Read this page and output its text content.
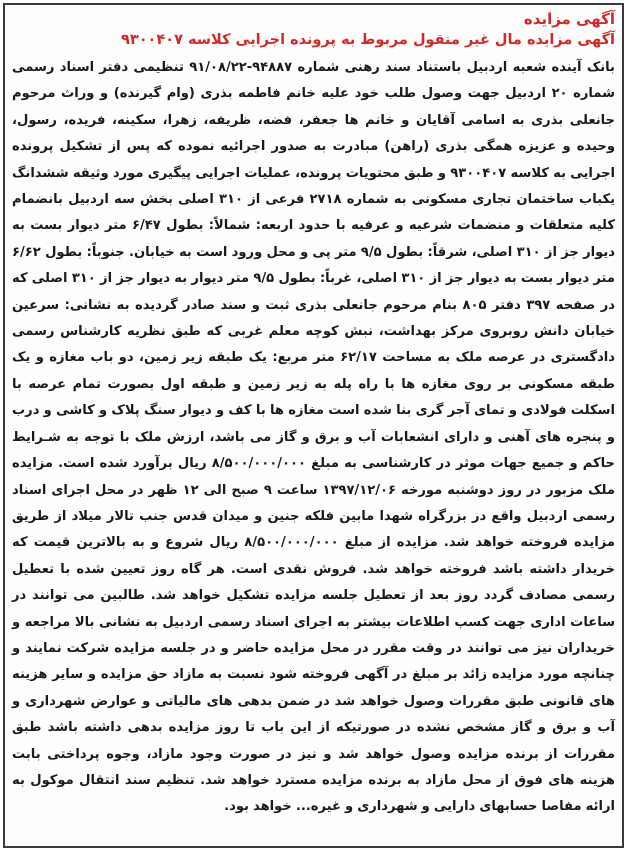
آگهی مزایده

آگهی مزایده مال غیر منقول مربوط به پرونده اجرایی کلاسه ۹۳۰۰۴۰۷

بانک آینده شعبه اردبیل باستناد سند رهنی شماره ۹۴۸۸۷-۹۱/۰۸/۲۲ تنظیمی دفتر اسناد رسمی شماره ۲۰ اردبیل جهت وصول طلب خود علیه خانم فاطمه بذری (وام گیرنده) و وراث مرحوم جانعلی بذری به اسامی آقایان و خانم ها جعفر، فضه، ظریفه، زهرا، سکینه، فریده، رسول، وحیده و عزیزه همگی بذری (راهن) مبادرت به صدور اجرائیه نموده که پس از تشکیل پرونده اجرایی به کلاسه ۹۳۰۰۴۰۷ و طبق محتویات پرونده، عملیات اجرایی پیگیری مورد وثیقه ششدانگ یکباب ساختمان تجاری مسکونی به شماره ۲۷۱۸ فرعی از ۳۱۰ اصلی بخش سه اردبیل بانضمام کلیه متعلقات و منضمات شرعیه و عرفیه با حدود اربعه: شمالاً: بطول ۶/۴۷ متر دیوار بست به دیوار جز از ۳۱۰ اصلی، شرقاً: بطول ۹/۵ متر پی و محل ورود است به خیابان. جنوباً: بطول ۶/۶۲ متر دیوار بست به دیوار جز از ۳۱۰ اصلی، غرباً: بطول ۹/۵ متر دیوار به دیوار جز از ۳۱۰ اصلی که در صفحه ۳۹۷ دفتر ۸۰۵ بنام مرحوم جانعلی بذری ثبت و سند صادر گردیده به نشانی: سرعین خیابان دانش روبروی مرکز بهداشت، نبش کوچه معلم غربی که طبق نظریه کارشناس رسمی دادگستری در عرصه ملک به مساحت ۶۲/۱۷ متر مربع: یک طبقه زیر زمین، دو باب مغازه و یک طبقه مسکونی بر روی مغازه ها با راه پله به زیر زمین و طبقه اول بصورت تمام عرصه با اسکلت فولادی و تمای آجر گری بنا شده است مغازه ها با کف و دیوار سنگ پلاک و کاشی و درب و پنجره های آهنی و دارای انشعابات آب و برق و گاز می باشد، ارزش ملک با توجه به شـرایط حاکم و جمیع جهات موثر در کارشناسی به مبلغ ۸/۵۰۰/۰۰۰/۰۰۰ ریال برآورد شده است. مزایده ملک مزبور در روز دوشنبه مورخه ۱۳۹۷/۱۲/۰۶ ساعت ۹ صبح الی ۱۲ ظهر در محل اجرای اسناد رسمی اردبیل واقع در بزرگراه شهدا مابین فلکه جنین و میدان قدس جنب تالار میلاد از طریق مزایده فروخته خواهد شد. مزایده از مبلغ ۸/۵۰۰/۰۰۰/۰۰۰ ریال شروع و به بالاترین قیمت که خریدار داشته باشد فروخته خواهد شد. فروش نقدی است. هر گاه روز تعیین شده با تعطیل رسمی مصادف گردد روز بعد از تعطیل جلسه مزایده تشکیل خواهد شد. طالبین می توانند در ساعات اداری جهت کسب اطلاعات بیشتر به اجرای اسناد رسمی اردبیل به نشانی بالا مراجعه و خریداران نیز می توانند در وقت مقرر در محل مزایده حاضر و در جلسه مزایده شرکت نمایند و چنانچه مورد مزایده زائد بر مبلغ در آگهی فروخته شود نسبت به مازاد حق مزایده و سایر هزینه های قانونی طبق مقررات وصول خواهد شد در ضمن بدهی های مالیاتی و عوارض شهرداری و آب و برق و گاز مشخص نشده در صورتیکه از این باب تا روز مزایده بدهی داشته باشد طبق مقررات از برنده مزایده وصول خواهد شد و نیز در صورت وجود مازاد، وجوه پرداختی بابت هزینه های فوق از محل مازاد به برنده مزایده مسترد خواهد شد. تنظیم سند انتقال موکول به ارائه مفاصا حسابهای دارایی و شهرداری و غیره... خواهد بود.
